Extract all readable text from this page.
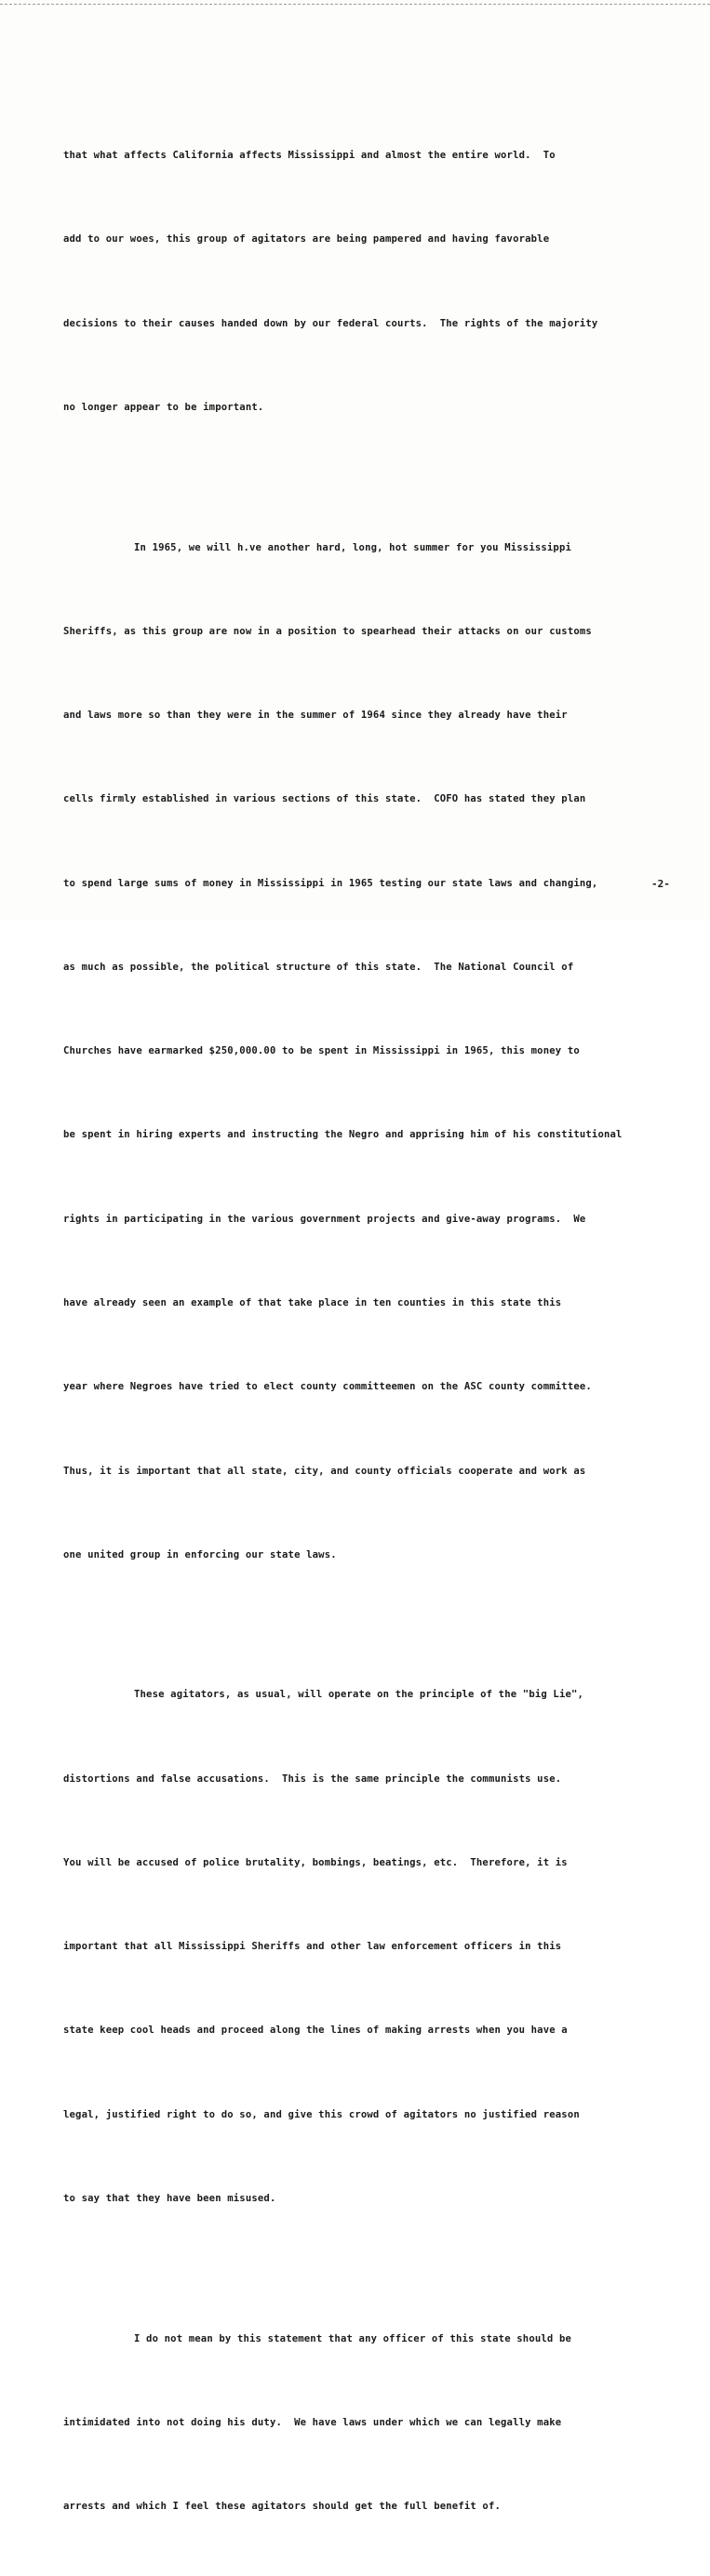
that what affects California affects Mississippi and almost the entire world.  To

add to our woes, this group of agitators are being pampered and having favorable

decisions to their causes handed down by our federal courts.  The rights of the majority

no longer appear to be important.

In 1965, we will h.ve another hard, long, hot summer for you Mississippi

Sheriffs, as this group are now in a position to spearhead their attacks on our customs

and laws more so than they were in the summer of 1964 since they already have their

cells firmly established in various sections of this state.  COFO has stated they plan

to spend large sums of money in Mississippi in 1965 testing our state laws and changing,

as much as possible, the political structure of this state.  The National Council of

Churches have earmarked $250,000.00 to be spent in Mississippi in 1965, this money to

be spent in hiring experts and instructing the Negro and apprising him of his constitutional

rights in participating in the various government projects and give-away programs.  We

have already seen an example of that take place in ten counties in this state this

year where Negroes have tried to elect county committeemen on the ASC county committee.

Thus, it is important that all state, city, and county officials cooperate and work as

one united group in enforcing our state laws.

These agitators, as usual, will operate on the principle of the "big Lie",

distortions and false accusations.  This is the same principle the communists use.

You will be accused of police brutality, bombings, beatings, etc.  Therefore, it is

important that all Mississippi Sheriffs and other law enforcement officers in this

state keep cool heads and proceed along the lines of making arrests when you have a

legal, justified right to do so, and give this crowd of agitators no justified reason

to say that they have been misused.

I do not mean by this statement that any officer of this state should be

intimidated into not doing his duty.  We have laws under which we can legally make

arrests and which I feel these agitators should get the full benefit of.

-2-
